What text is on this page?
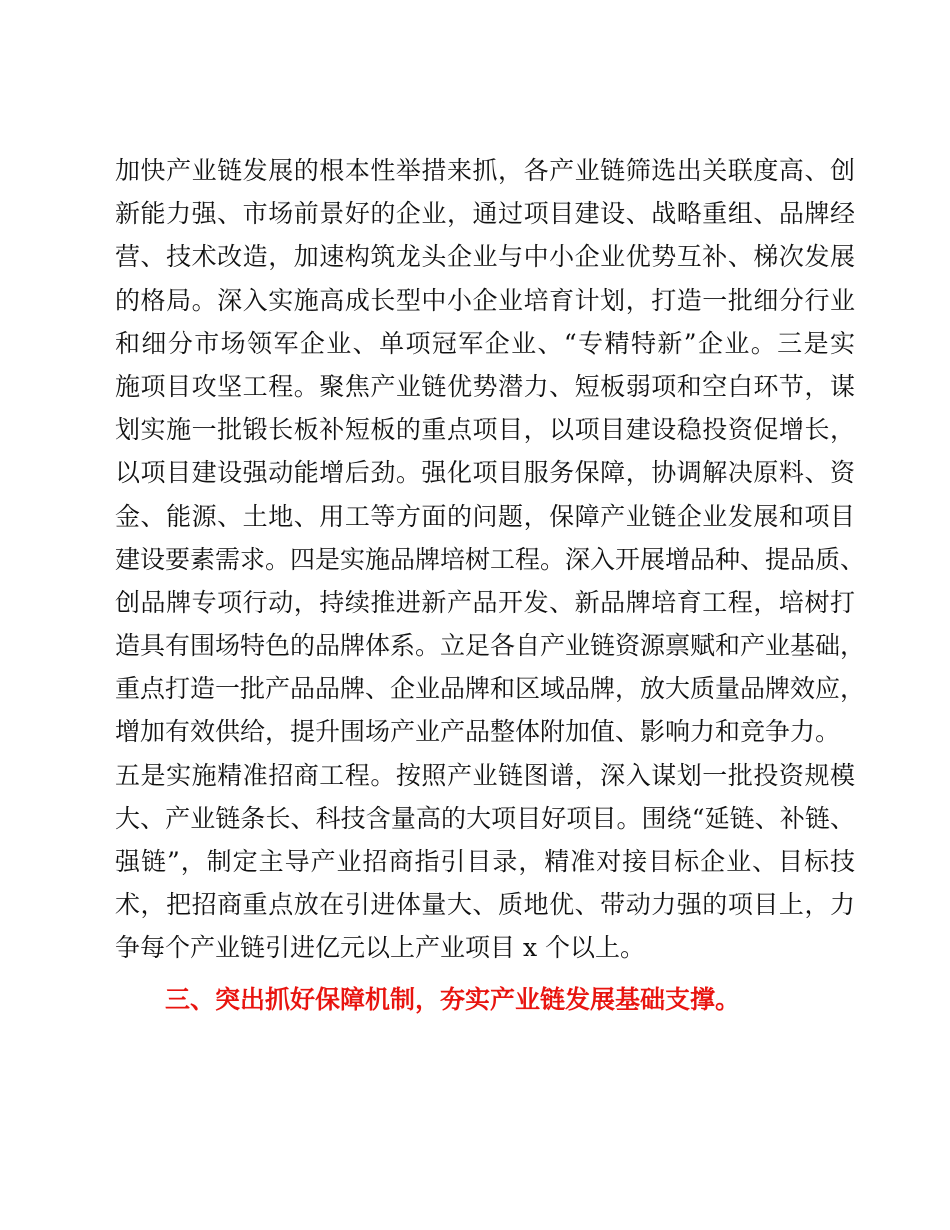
加快产业链发展的根本性举措来抓，各产业链筛选出关联度高、创
新能力强、市场前景好的企业，通过项目建设、战略重组、品牌经
营、技术改造，加速构筑龙头企业与中小企业优势互补、梯次发展
的格局。深入实施高成长型中小企业培育计划，打造一批细分行业
和细分市场领军企业、单项冠军企业、“专精特新”企业。三是实
施项目攻坚工程。聚焦产业链优势潜力、短板弱项和空白环节，谋
划实施一批锻长板补短板的重点项目，以项目建设稳投资促增长，
以项目建设强动能增后劲。强化项目服务保障，协调解决原料、资
金、能源、土地、用工等方面的问题，保障产业链企业发展和项目
建设要素需求。四是实施品牌培树工程。深入开展增品种、提品质、
创品牌专项行动，持续推进新产品开发、新品牌培育工程，培树打
造具有围场特色的品牌体系。立足各自产业链资源禀赋和产业基础，
重点打造一批产品品牌、企业品牌和区域品牌，放大质量品牌效应，
增加有效供给，提升围场产业产品整体附加值、影响力和竞争力。
五是实施精准招商工程。按照产业链图谱，深入谋划一批投资规模
大、产业链条长、科技含量高的大项目好项目。围绕“延链、补链、
强链”，制定主导产业招商指引目录，精准对接目标企业、目标技
术，把招商重点放在引进体量大、质地优、带动力强的项目上，力
争每个产业链引进亿元以上产业项目 x 个以上。
三、突出抓好保障机制，夯实产业链发展基础支撑。
